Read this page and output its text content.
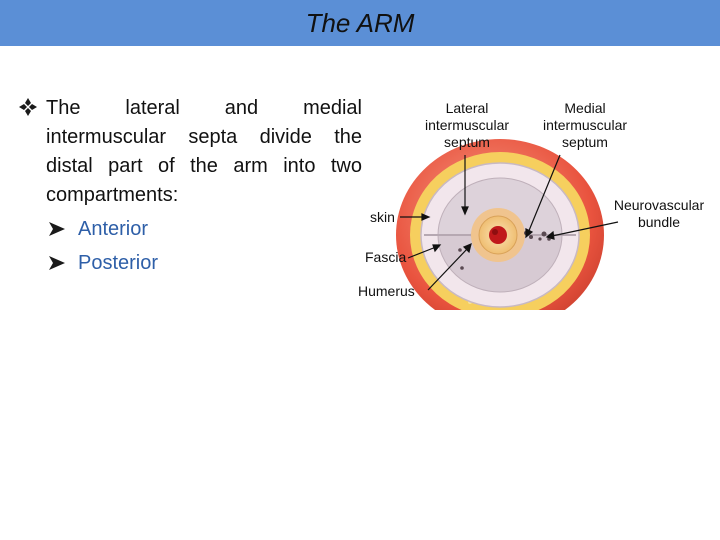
The ARM
The lateral and medial intermuscular septa divide the distal part of the arm into two compartments:
Anterior
Posterior
Lateral
intermuscular
septum
Medial
intermuscular
septum
Neurovascular
bundle
skin
Fascia
Humerus
